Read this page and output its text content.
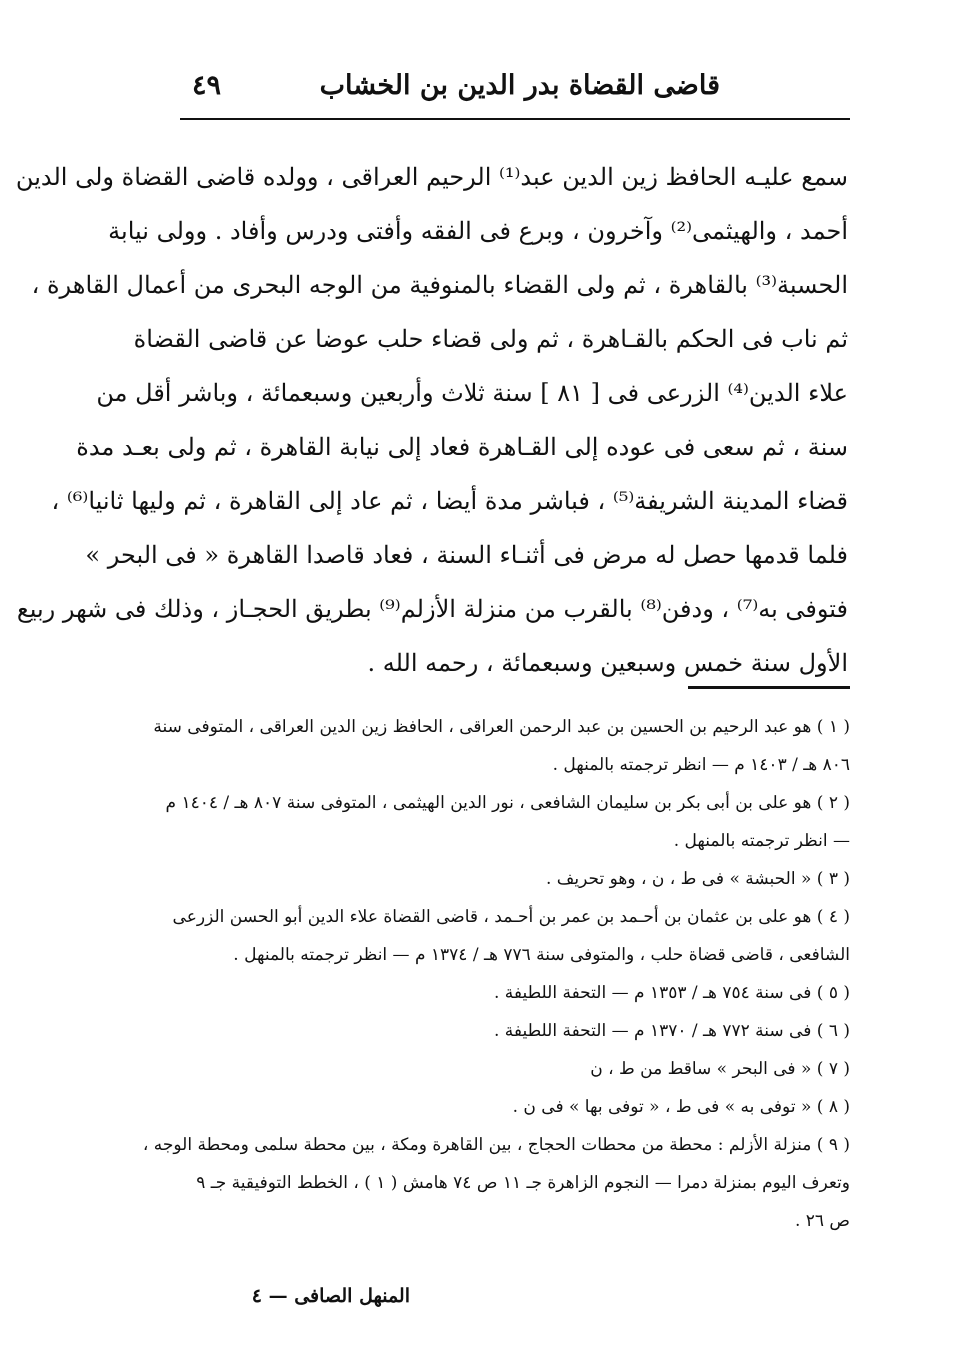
قاضى القضاة بدر الدين بن الخشاب
٤٩
سمع عليـه الحافظ زين الدين عبد⁽¹⁾ الرحيم العراقى ، وولده قاضى القضاة ولى الدين
أحمد ، والهيثمى⁽²⁾ وآخرون ، وبرع فى الفقه وأفتى ودرس وأفاد . وولى نيابة
الحسبة⁽³⁾ بالقاهرة ، ثم ولى القضاء بالمنوفية من الوجه البحرى من أعمال القاهرة ،
ثم ناب فى الحكم بالقـاهرة ، ثم ولى قضاء حلب عوضا عن قاضى القضاة
علاء الدين⁽⁴⁾ الزرعى فى [ ٨١ ] سنة ثلاث وأربعين وسبعمائة ، وباشر أقل من
سنة ، ثم سعى فى عوده إلى القـاهرة فعاد إلى نيابة القاهرة ، ثم ولى بعـد مدة
قضاء المدينة الشريفة⁽⁵⁾ ، فباشر مدة أيضا ، ثم عاد إلى القاهرة ، ثم وليها ثانيا⁽⁶⁾ ،
فلما قدمها حصل له مرض فى أثنـاء السنة ، فعاد قاصدا القاهرة « فى البحر »
فتوفى به⁽⁷⁾ ، ودفن⁽⁸⁾ بالقرب من منزلة الأزلم⁽⁹⁾ بطريق الحجـاز ، وذلك فى شهر ربيع
الأول سنة خمس وسبعين وسبعمائة ، رحمه الله .
( ١ ) هو عبد الرحيم بن الحسين بن عبد الرحمن العراقى ، الحافظ زين الدين العراقى ، المتوفى سنة
٨٠٦ هـ / ١٤٠٣ م — انظر ترجمته بالمنهل .
( ٢ ) هو على بن أبى بكر بن سليمان الشافعى ، نور الدين الهيثمى ، المتوفى سنة ٨٠٧ هـ / ١٤٠٤ م
— انظر ترجمته بالمنهل .
( ٣ ) « الحبشة » فى ط ، ن ، وهو تحريف .
( ٤ ) هو على بن عثمان بن أحـمد بن عمر بن أحـمد ، قاضى القضاة علاء الدين أبو الحسن الزرعى
الشافعى ، قاضى قضاة حلب ، والمتوفى سنة ٧٧٦ هـ / ١٣٧٤ م — انظر ترجمته بالمنهل .
( ٥ ) فى سنة ٧٥٤ هـ / ١٣٥٣ م — التحفة اللطيفة .
( ٦ ) فى سنة ٧٧٢ هـ / ١٣٧٠ م — التحفة اللطيفة .
( ٧ ) « فى البحر » ساقط من ط ، ن
( ٨ ) « توفى به » فى ط ، « توفى بها » فى ن .
( ٩ ) منزلة الأزلم : محطة من محطات الحجاج ، بين القاهرة ومكة ، بين محطة سلمى ومحطة الوجه ،
وتعرف اليوم بمنزلة دمرا — النجوم الزاهرة جـ ١١ ص ٧٤ هامش ( ١ ) ، الخطط التوفيقية جـ ٩
ص ٢٦ .
المنهل الصافى — ٤
